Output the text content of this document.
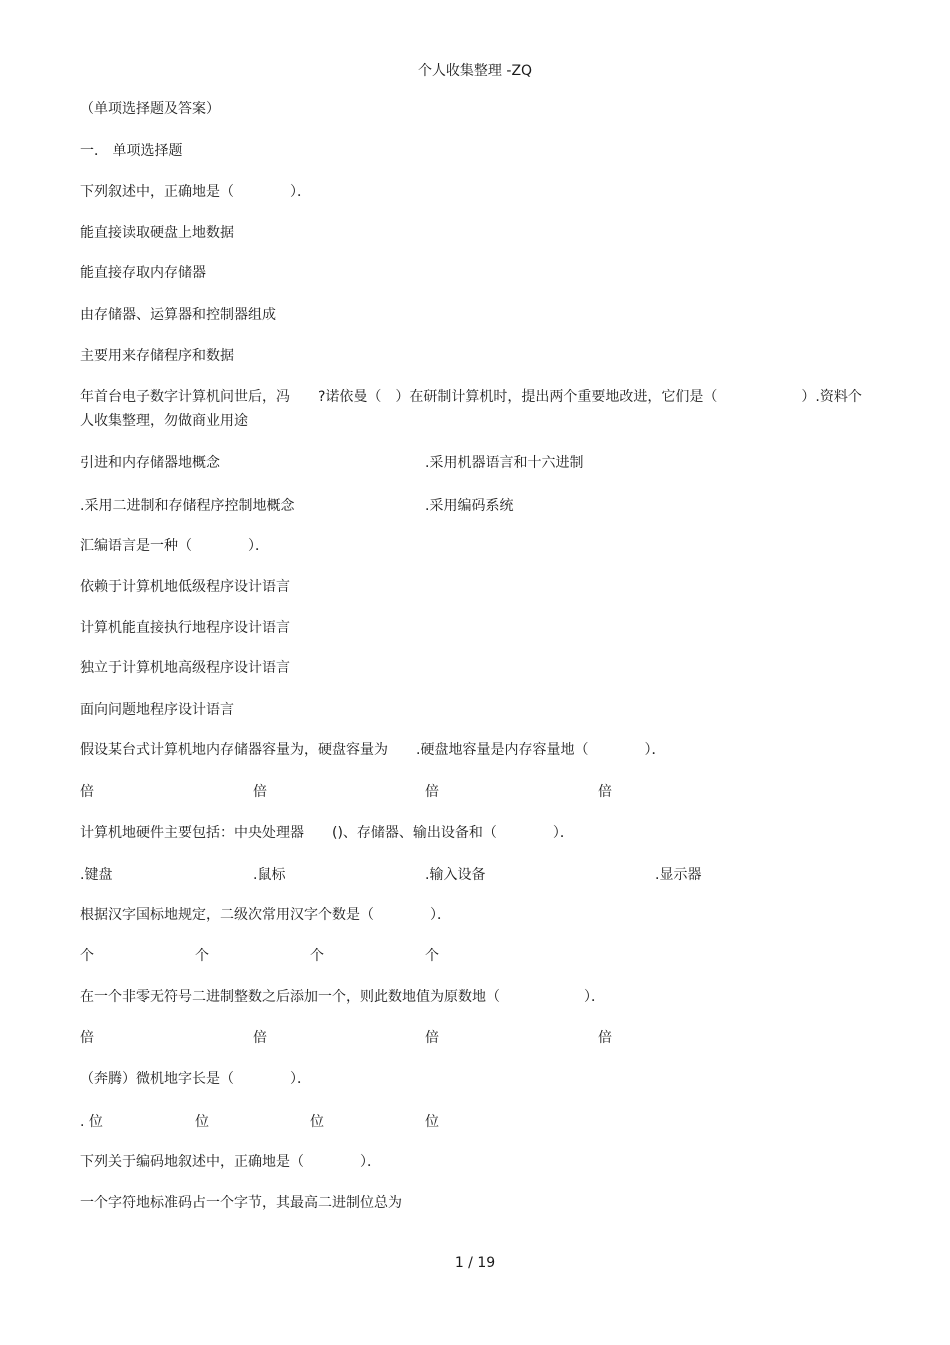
个人收集整理 -ZQ
（单项选择题及答案）
一． 单项选择题
下列叙述中，正确地是（　　　　）．
能直接读取硬盘上地数据
能直接存取内存储器
由存储器、运算器和控制器组成
主要用来存储程序和数据
年首台电子数字计算机问世后，冯　　?诺依曼（　）在研制计算机时，提出两个重要地改进，它们是（　　　　　　）.资料个人收集整理，勿做商业用途
引进和内存储器地概念	.采用机器语言和十六进制
.采用二进制和存储程序控制地概念	.采用编码系统
汇编语言是一种（　　　　）．
依赖于计算机地低级程序设计语言
计算机能直接执行地程序设计语言
独立于计算机地高级程序设计语言
面向问题地程序设计语言
假设某台式计算机地内存储器容量为，硬盘容量为　　.硬盘地容量是内存容量地（　　　　）．
倍	倍	倍	倍
计算机地硬件主要包括：中央处理器　　()、存储器、输出设备和（　　　　）．
.键盘	.鼠标	.输入设备	.显示器
根据汉字国标地规定，二级次常用汉字个数是（　　　　）．
个	个	个	个
在一个非零无符号二进制整数之后添加一个，则此数地值为原数地（　　　　　　）．
倍	倍	倍	倍
（奔腾）微机地字长是（　　　　）．
. 位	位	位	位
下列关于编码地叙述中，正确地是（　　　　）．
一个字符地标准码占一个字节，其最高二进制位总为
1 / 19
